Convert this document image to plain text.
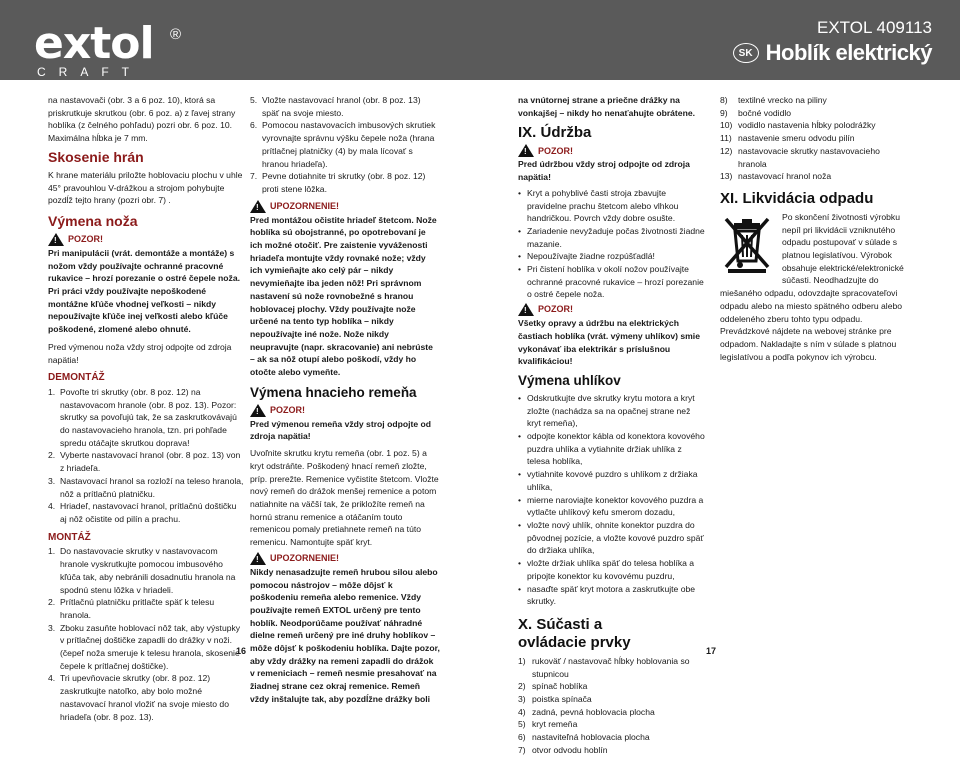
extol ®
CRAFT
EXTOL 409113
SK Hoblík elektrický

na nastavovači (obr. 3 a 6 poz. 10), ktorá sa priskrutkuje skrutkou (obr. 6 poz. a) z ľavej strany hoblíka (z čelného pohľadu) pozri obr. 6 poz. 10. Maximálna hĺbka je 7 mm.

Skosenie hrán

K hrane materiálu priložte hoblovaciu plochu v uhle 45° pravouhlou V-drážkou a strojom pohybujte pozdĺž tejto hrany (pozri obr. 7) .

Výmena noža
!
POZOR!

Pri manipulácii (vrát. demontáže a montáže) s nožom vždy používajte ochranné pracovné rukavice – hrozí porezanie o ostré čepele noža. Pri práci vždy používajte nepoškodené montážne kľúče vhodnej veľkosti – nikdy nepoužívajte kľúče inej veľkosti alebo kľúče poškodené, zlomené alebo ohnuté.

Pred výmenou noža vždy stroj odpojte od zdroja napätia!

DEMONTÁŽ
1. Povoľte tri skrutky (obr. 8 poz. 12) na nastavovacom hranole (obr. 8 poz. 13). Pozor: skrutky sa povoľujú tak, že sa zaskrutkovávajú do nastavovacieho hranola, tzn. pri pohľade spredu otáčajte skrutkou doprava!
2. Vyberte nastavovací hranol (obr. 8 poz. 13) von z hriadeľa.
3. Nastavovací hranol sa rozloží na teleso hranola, nôž a prítlačnú platničku.
4. Hriadeľ, nastavovací hranol, prítlačnú doštičku aj nôž očistite od pilín a prachu.
MONTÁŽ
1. Do nastavovacie skrutky v nastavovacom hranole vyskrutkujte pomocou imbusového kľúča tak, aby nebránili dosadnutiu hranola na spodnú stenu lôžka v hriadeli.
2. Prítlačnú platničku pritlačte späť k telesu hranola.
3. Zboku zasuňte hoblovací nôž tak, aby výstupky v prítlačnej doštičke zapadli do drážky v noži. (čepeľ noža smeruje k telesu hranola, skosenie čepele k prítlačnej doštičke).
4. Tri upevňovacie skrutky (obr. 8 poz. 12) zaskrutkujte natoľko, aby bolo možné nastavovací hranol vložiť na svoje miesto do hriadeľa (obr. 8 poz. 13).
5. Vložte nastavovací hranol (obr. 8 poz. 13) späť na svoje miesto.
6. Pomocou nastavovacích imbusových skrutiek vyrovnajte správnu výšku čepele noža (hrana prítlačnej platničky (4) by mala lícovať s hranou hriadeľa).
7. Pevne dotiahnite tri skrutky (obr. 8 poz. 12) proti stene lôžka.
!
UPOZORNENIE!

Pred montážou očistite hriadeľ štetcom. Nože hoblíka sú obojstranné, po opotrebovaní je ich možné otočiť. Pre zaistenie vyváženosti hriadeľa montujte vždy rovnaké nože; vždy ich vymieňajte ako celý pár – nikdy nevymieňajte iba jeden nôž! Pri správnom nastavení sú nože rovnobežné s hranou hoblovacej plochy. Vždy používajte nože určené na tento typ hoblíka – nikdy nepoužívajte iné nože. Nože nikdy neupravujte (napr. skracovanie) ani nebrúste – ak sa nôž otupí alebo poškodí, vždy ho otočte alebo vymeňte.

Výmena hnacieho remeňa
!
POZOR!

Pred výmenou remeňa vždy stroj odpojte od zdroja napätia!

Uvoľnite skrutku krytu remeňa (obr. 1 poz. 5) a kryt odstráňte. Poškodený hnací remeň zložte, príp. prerežte. Remenice vyčistite štetcom. Vložte nový remeň do drážok menšej remenice a potom natiahnite na väčší tak, že prikložíte remeň na hornú stranu remenice a otáčaním touto remenicou pomaly pretiahnete remeň na túto remenicu. Namontujte späť kryt.

!
UPOZORNENIE!

Nikdy nenasadzujte remeň hrubou silou alebo pomocou nástrojov – môže dôjsť k poškodeniu remeňa alebo remenice. Vždy používajte remeň EXTOL určený pre tento hoblík. Neodporúčame používať náhradné dielne remeň určený pre iné druhy hoblíkov – môže dôjsť k poškodeniu hoblíka. Dajte pozor, aby vždy drážky na remeni zapadli do drážok v remeniciach – remeň nesmie presahovať na žiadnej strane cez okraj remenice. Remeň vždy inštalujte tak, aby pozdĺžne drážky boli

na vnútornej strane a priečne drážky na vonkajšej – nikdy ho nenaťahujte obrátene.

IX. Údržba
!
POZOR!

Pred údržbou vždy stroj odpojte od zdroja napätia!

• Kryt a pohyblivé časti stroja zbavujte pravidelne prachu štetcom alebo vlhkou handričkou. Povrch vždy dobre osušte.
• Zariadenie nevyžaduje počas životnosti žiadne mazanie.
• Nepoužívajte žiadne rozpúšťadlá!
• Pri čistení hoblíka v okolí nožov používajte ochranné pracovné rukavice – hrozí porezanie o ostré čepele noža.
!
POZOR!

Všetky opravy a údržbu na elektrických častiach hoblíka (vrát. výmeny uhlíkov) smie vykonávať iba elektrikár s príslušnou kvalifikáciou!

Výmena uhlíkov
• Odskrutkujte dve skrutky krytu motora a kryt zložte (nachádza sa na opačnej strane než kryt remeňa),
• odpojte konektor kábla od konektora kovového puzdra uhlíka a vytiahnite držiak uhlíka z telesa hoblíka,
• vytiahnite kovové puzdro s uhlíkom z držiaka uhlíka,
• mierne naroviajte konektor kovového puzdra a vytlačte uhlíkový kefu smerom dozadu,
• vložte nový uhlík, ohnite konektor puzdra do pôvodnej pozície, a vložte kovové puzdro späť do držiaka uhlíka,
• vložte držiak uhlíka späť do telesa hoblíka a pripojte konektor ku kovovému puzdru,
• nasaďte späť kryt motora a zaskrutkujte obe skrutky.
X. Súčasti a ovládacie prvky
1) rukoväť / nastavovač hĺbky hoblovania so stupnicou
2) spínač hoblíka
3) poistka spínača
4) zadná, pevná hoblovacia plocha
5) kryt remeňa
6) nastaviteľná hoblovacia plocha
7) otvor odvodu hoblín
8)	textilné vrecko na piliny
9)	bočné vodidlo
10) vodidlo nastavenia hĺbky polodrážky
11) nastavenie smeru odvodu pilín
12) nastavovacie skrutky nastavovacieho hranola
13) nastavovací hranol noža
XI. Likvidácia odpadu

Po skončení životnosti výrobku nepíl pri likvidácii vzniknutého odpadu postupovať v súlade s platnou legislatívou. Výrobok obsahuje elektrické/elektronické súčasti. Neodhadzujte do miešaného odpadu, odovzdajte spracovateľovi odpadu alebo na miesto spätného odberu alebo oddeleného zberu tohto typu odpadu. Prevádzkové nájdete na webovej stránke pre odpadom. Nakladajte s ním v súlade s platnou legislatívou a podľa pokynov ich výrobcu.

16	17
